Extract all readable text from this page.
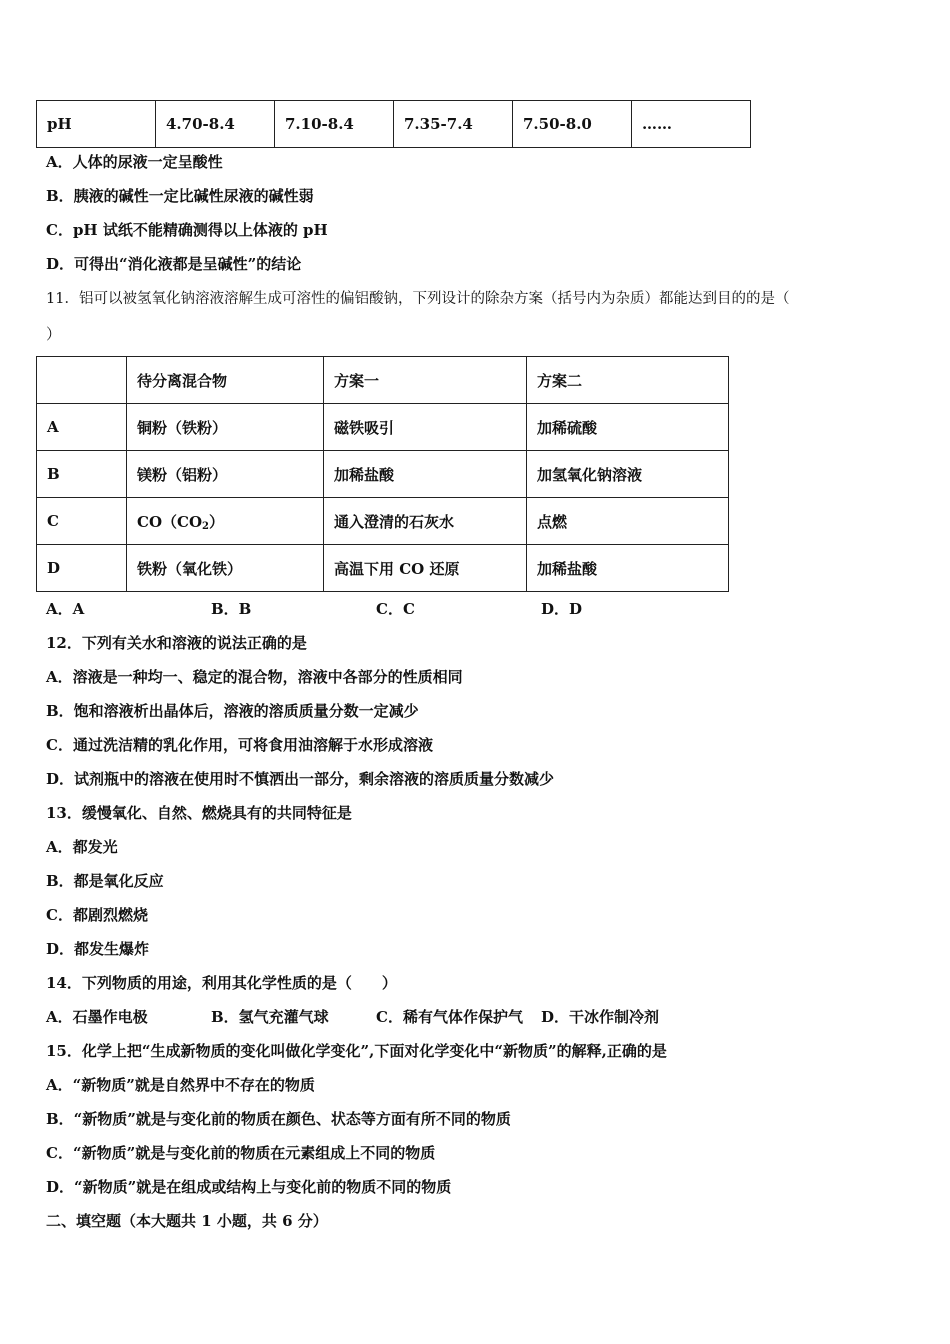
pH	4.70-8.4	7.10-8.4	7.35-7.4	7.50-8.0	……
A．人体的尿液一定呈酸性
B．胰液的碱性一定比碱性尿液的碱性弱
C．pH 试纸不能精确测得以上体液的 pH
D．可得出“消化液都是呈碱性”的结论
11．铝可以被氢氧化钠溶液溶解生成可溶性的偏铝酸钠，下列设计的除杂方案（括号内为杂质）都能达到目的的是（
）
	待分离混合物	方案一	方案二
A	铜粉（铁粉）	磁铁吸引	加稀硫酸
B	镁粉（铝粉）	加稀盐酸	加氢氧化钠溶液
C	$CO(CO_2)$	通入澄清的石灰水	点燃
D	铁粉（氧化铁）	高温下用 CO 还原	加稀盐酸
A．A	B．B	C．C	D．D
12．下列有关水和溶液的说法正确的是
A．溶液是一种均一、稳定的混合物，溶液中各部分的性质相同
B．饱和溶液析出晶体后，溶液的溶质质量分数一定减少
C．通过洗洁精的乳化作用，可将食用油溶解于水形成溶液
D．试剂瓶中的溶液在使用时不慎洒出一部分，剩余溶液的溶质质量分数减少
13．缓慢氧化、自然、燃烧具有的共同特征是
A．都发光
B．都是氧化反应
C．都剧烈燃烧
D．都发生爆炸
14．下列物质的用途，利用其化学性质的是（　　）
A．石墨作电极	B．氢气充灌气球	C．稀有气体作保护气 D．干冰作制冷剂
15．化学上把“生成新物质的变化叫做化学变化”,下面对化学变化中“新物质”的解释,正确的是
A．“新物质”就是自然界中不存在的物质
B．“新物质”就是与变化前的物质在颜色、状态等方面有所不同的物质
C．“新物质”就是与变化前的物质在元素组成上不同的物质
D．“新物质”就是在组成或结构上与变化前的物质不同的物质
二、填空题（本大题共 1 小题，共 6 分）
